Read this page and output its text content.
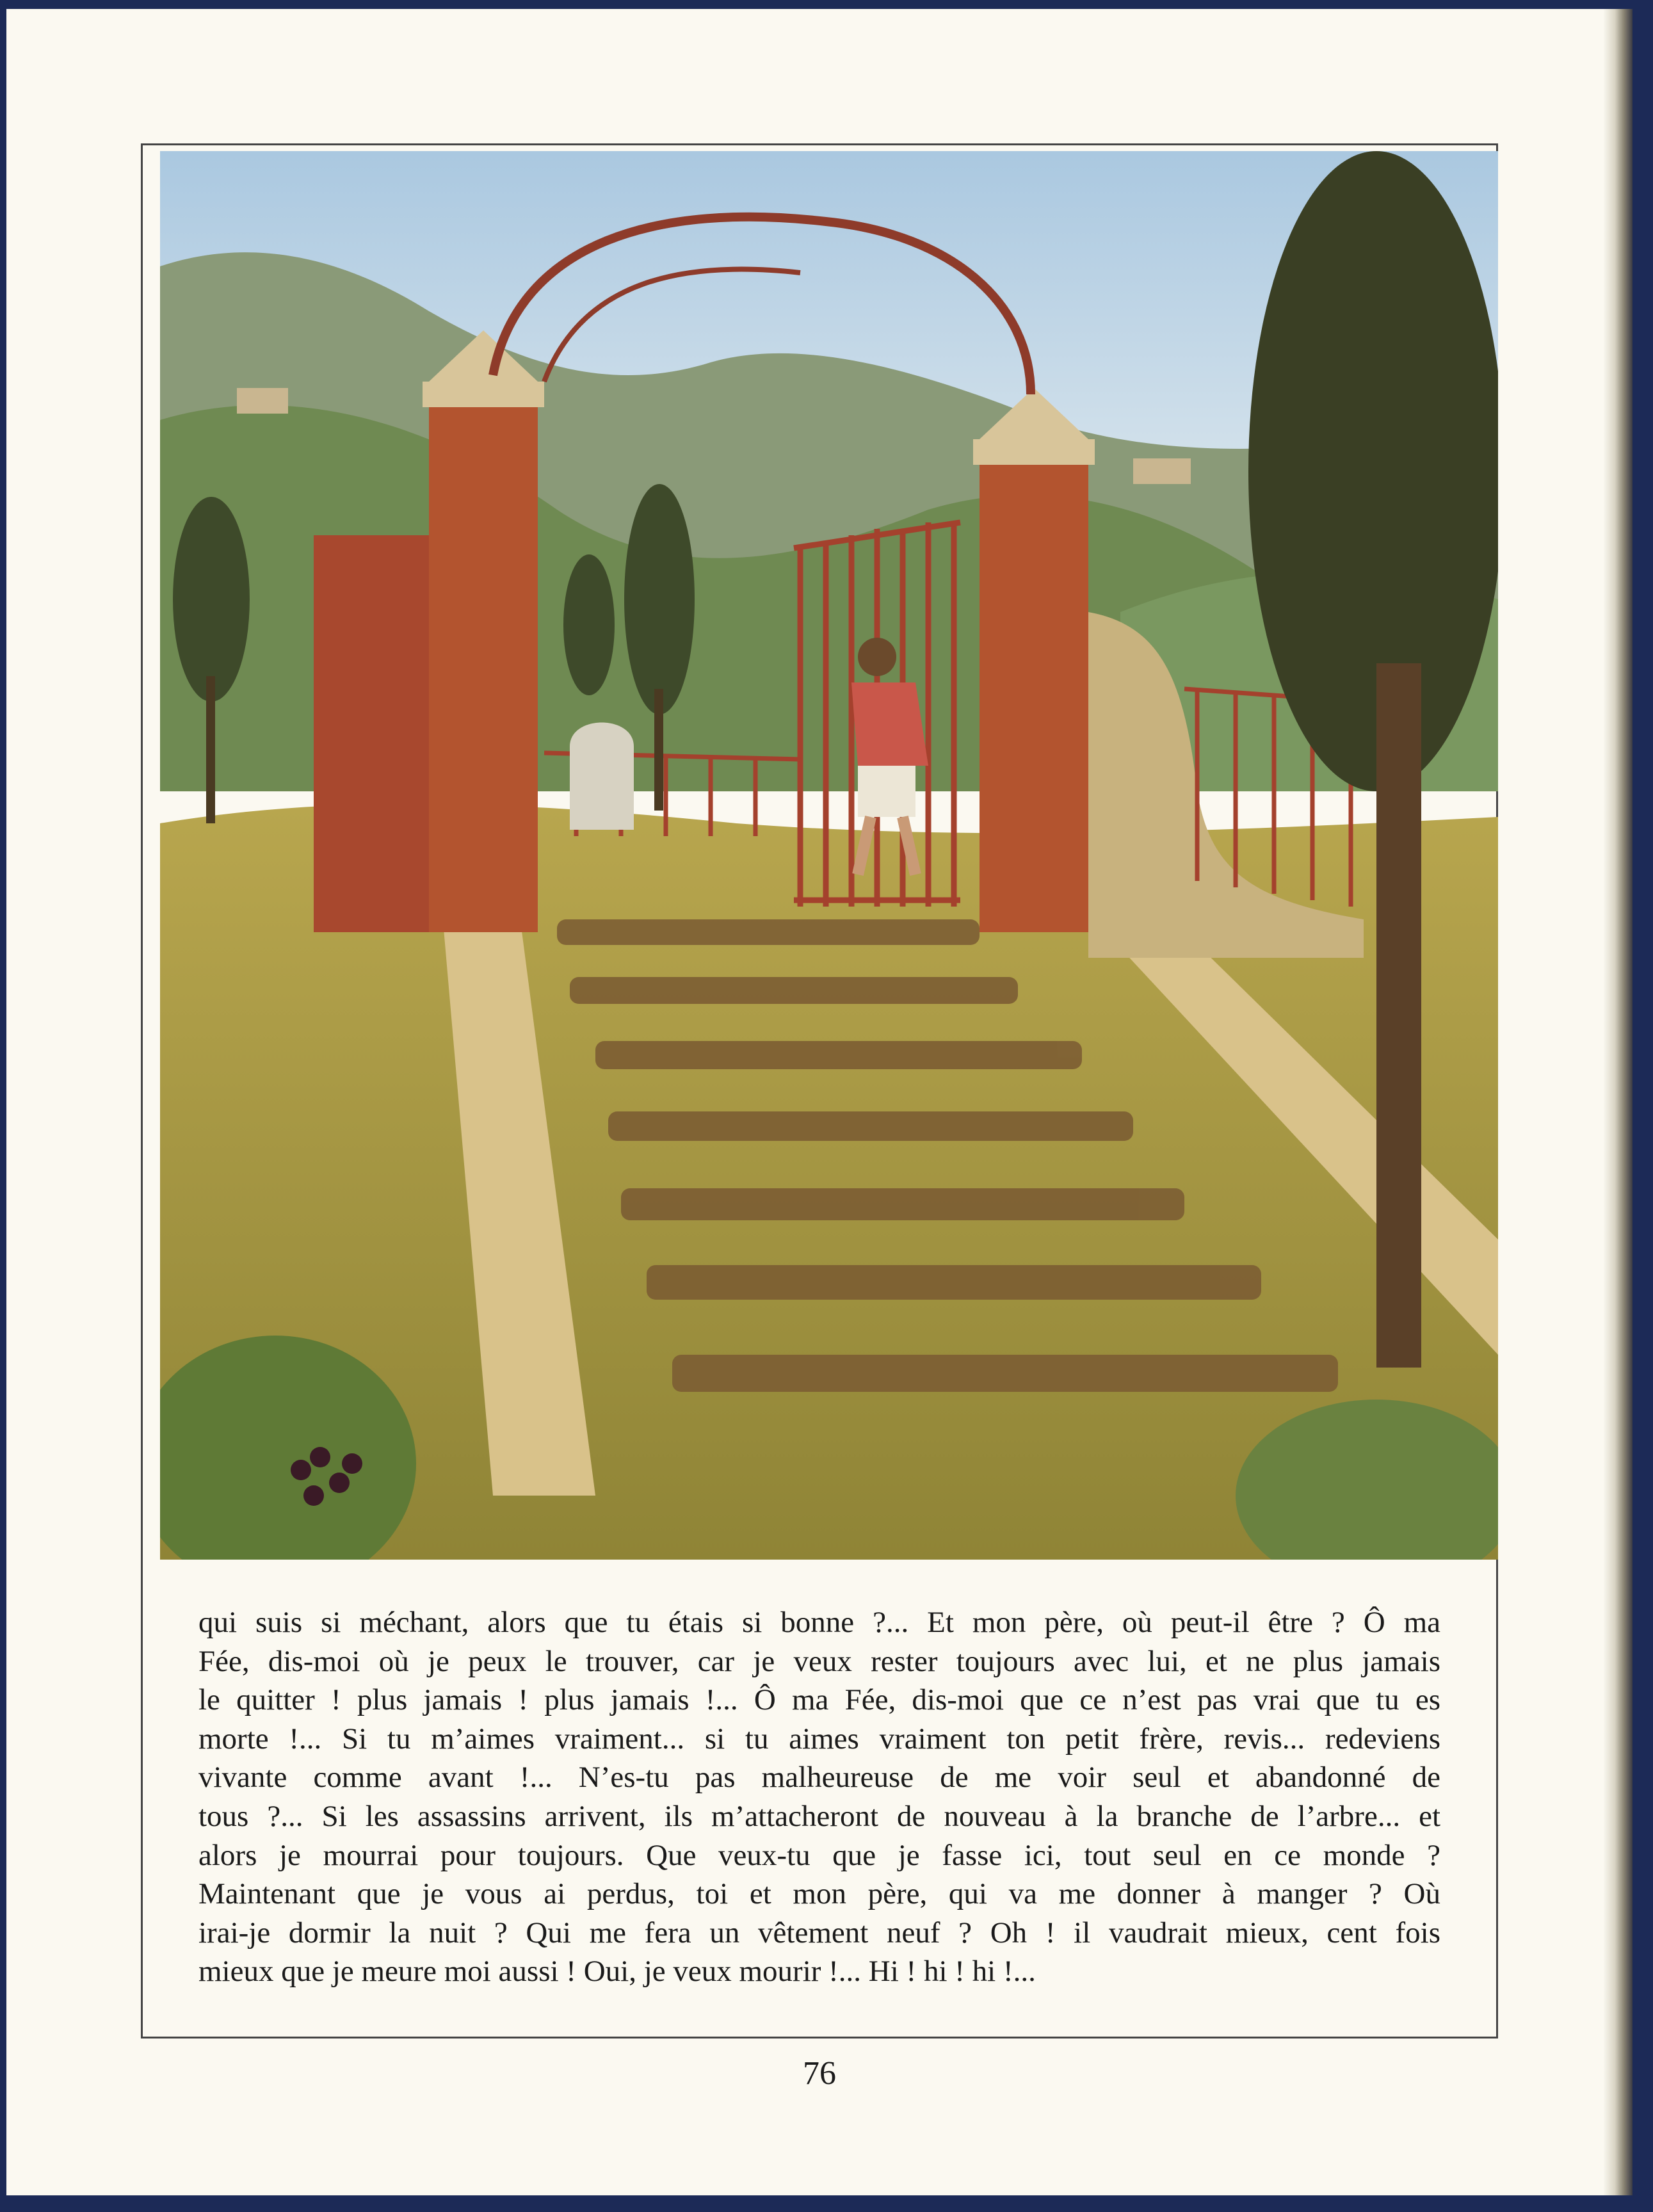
qui suis si méchant, alors que tu étais si bonne ?... Et mon père, où peut-il être ? Ô ma
Fée, dis-moi où je peux le trouver, car je veux rester toujours avec lui, et ne plus jamais
le quitter ! plus jamais ! plus jamais !... Ô ma Fée, dis-moi que ce n’est pas vrai que tu es
morte !... Si tu m’aimes vraiment... si tu aimes vraiment ton petit frère, revis... redeviens
vivante comme avant !... N’es-tu pas malheureuse de me voir seul et abandonné de
tous ?... Si les assassins arrivent, ils m’attacheront de nouveau à la branche de l’arbre... et
alors je mourrai pour toujours. Que veux-tu que je fasse ici, tout seul en ce monde ?
Maintenant que je vous ai perdus, toi et mon père, qui va me donner à manger ? Où
irai-je dormir la nuit ? Qui me fera un vêtement neuf ? Oh ! il vaudrait mieux, cent fois
mieux que je meure moi aussi ! Oui, je veux mourir !... Hi ! hi ! hi !...
76
